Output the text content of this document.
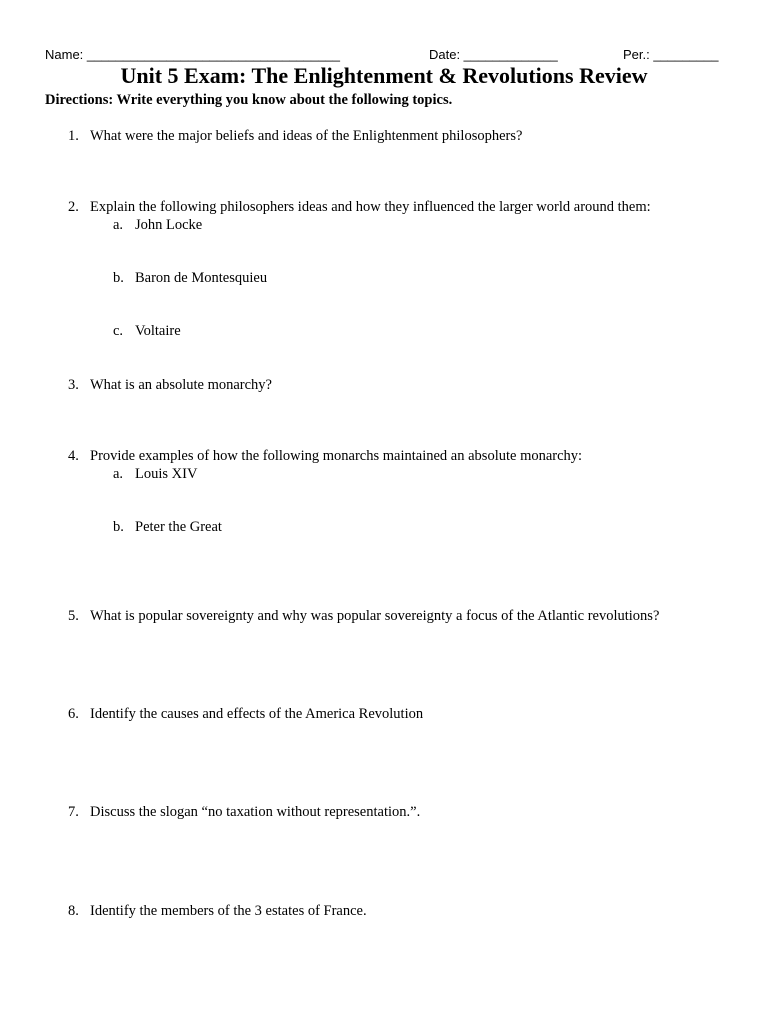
Name: ___________________________________	Date: _____________	Per.: _________
Unit 5 Exam: The Enlightenment & Revolutions Review
Directions: Write everything you know about the following topics.
1. What were the major beliefs and ideas of the Enlightenment philosophers?
2. Explain the following philosophers ideas and how they influenced the larger world around them:
a. John Locke
b. Baron de Montesquieu
c. Voltaire
3. What is an absolute monarchy?
4. Provide examples of how the following monarchs maintained an absolute monarchy:
a. Louis XIV
b. Peter the Great
5. What is popular sovereignty and why was popular sovereignty a focus of the Atlantic revolutions?
6. Identify the causes and effects of the America Revolution
7. Discuss the slogan “no taxation without representation.”.
8. Identify the members of the 3 estates of France.
